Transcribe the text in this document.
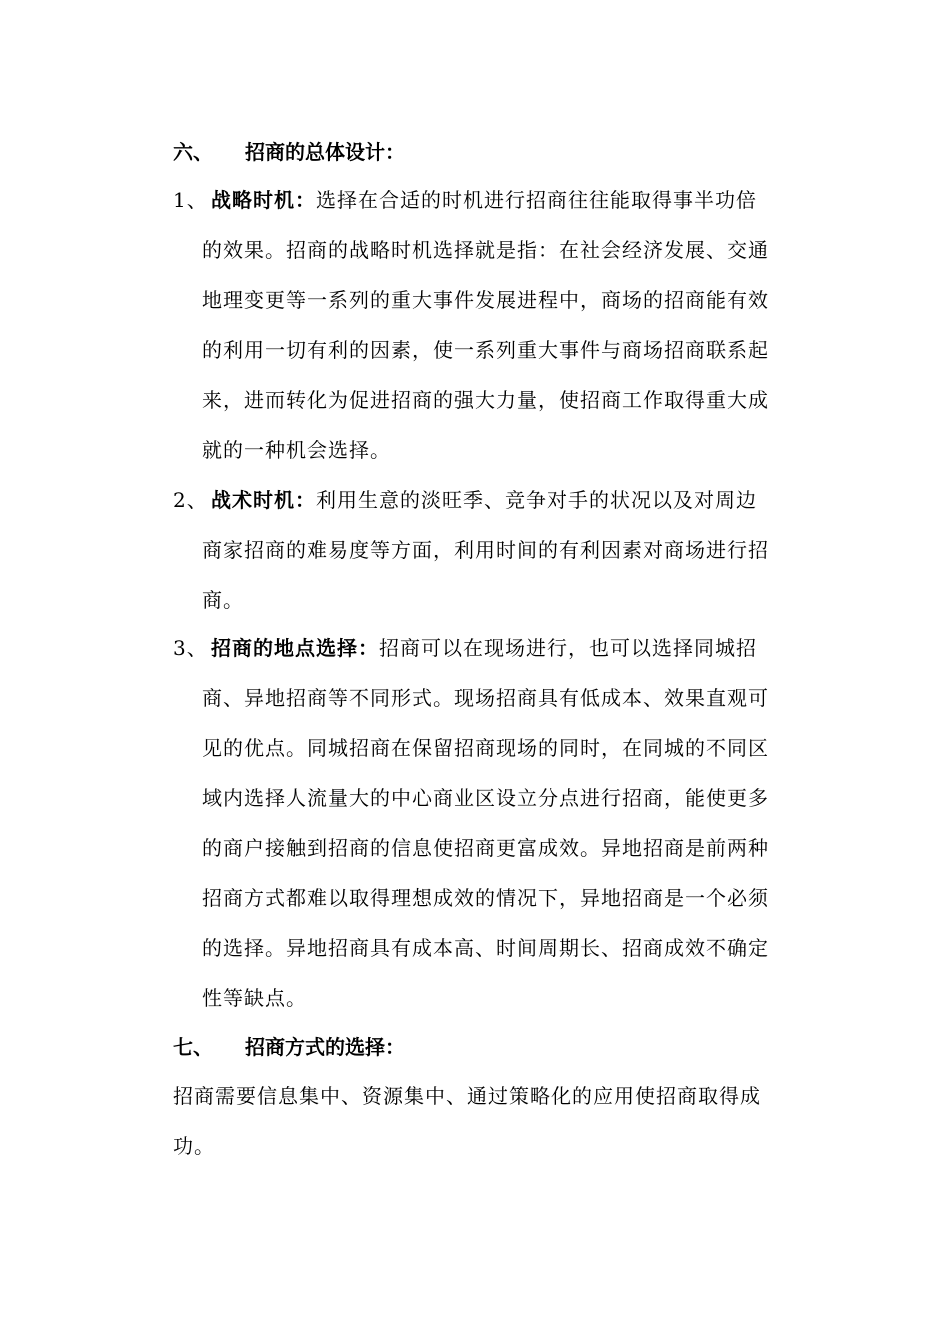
六、 招商的总体设计：
1、 战略时机：选择在合适的时机进行招商往往能取得事半功倍
的效果。招商的战略时机选择就是指：在社会经济发展、交通
地理变更等一系列的重大事件发展进程中，商场的招商能有效
的利用一切有利的因素，使一系列重大事件与商场招商联系起
来，进而转化为促进招商的强大力量，使招商工作取得重大成
就的一种机会选择。
2、 战术时机：利用生意的淡旺季、竞争对手的状况以及对周边
商家招商的难易度等方面，利用时间的有利因素对商场进行招
商。
3、 招商的地点选择：招商可以在现场进行，也可以选择同城招
商、异地招商等不同形式。现场招商具有低成本、效果直观可
见的优点。同城招商在保留招商现场的同时，在同城的不同区
域内选择人流量大的中心商业区设立分点进行招商，能使更多
的商户接触到招商的信息使招商更富成效。异地招商是前两种
招商方式都难以取得理想成效的情况下，异地招商是一个必须
的选择。异地招商具有成本高、时间周期长、招商成效不确定
性等缺点。
七、 招商方式的选择：
招商需要信息集中、资源集中、通过策略化的应用使招商取得成
功。
